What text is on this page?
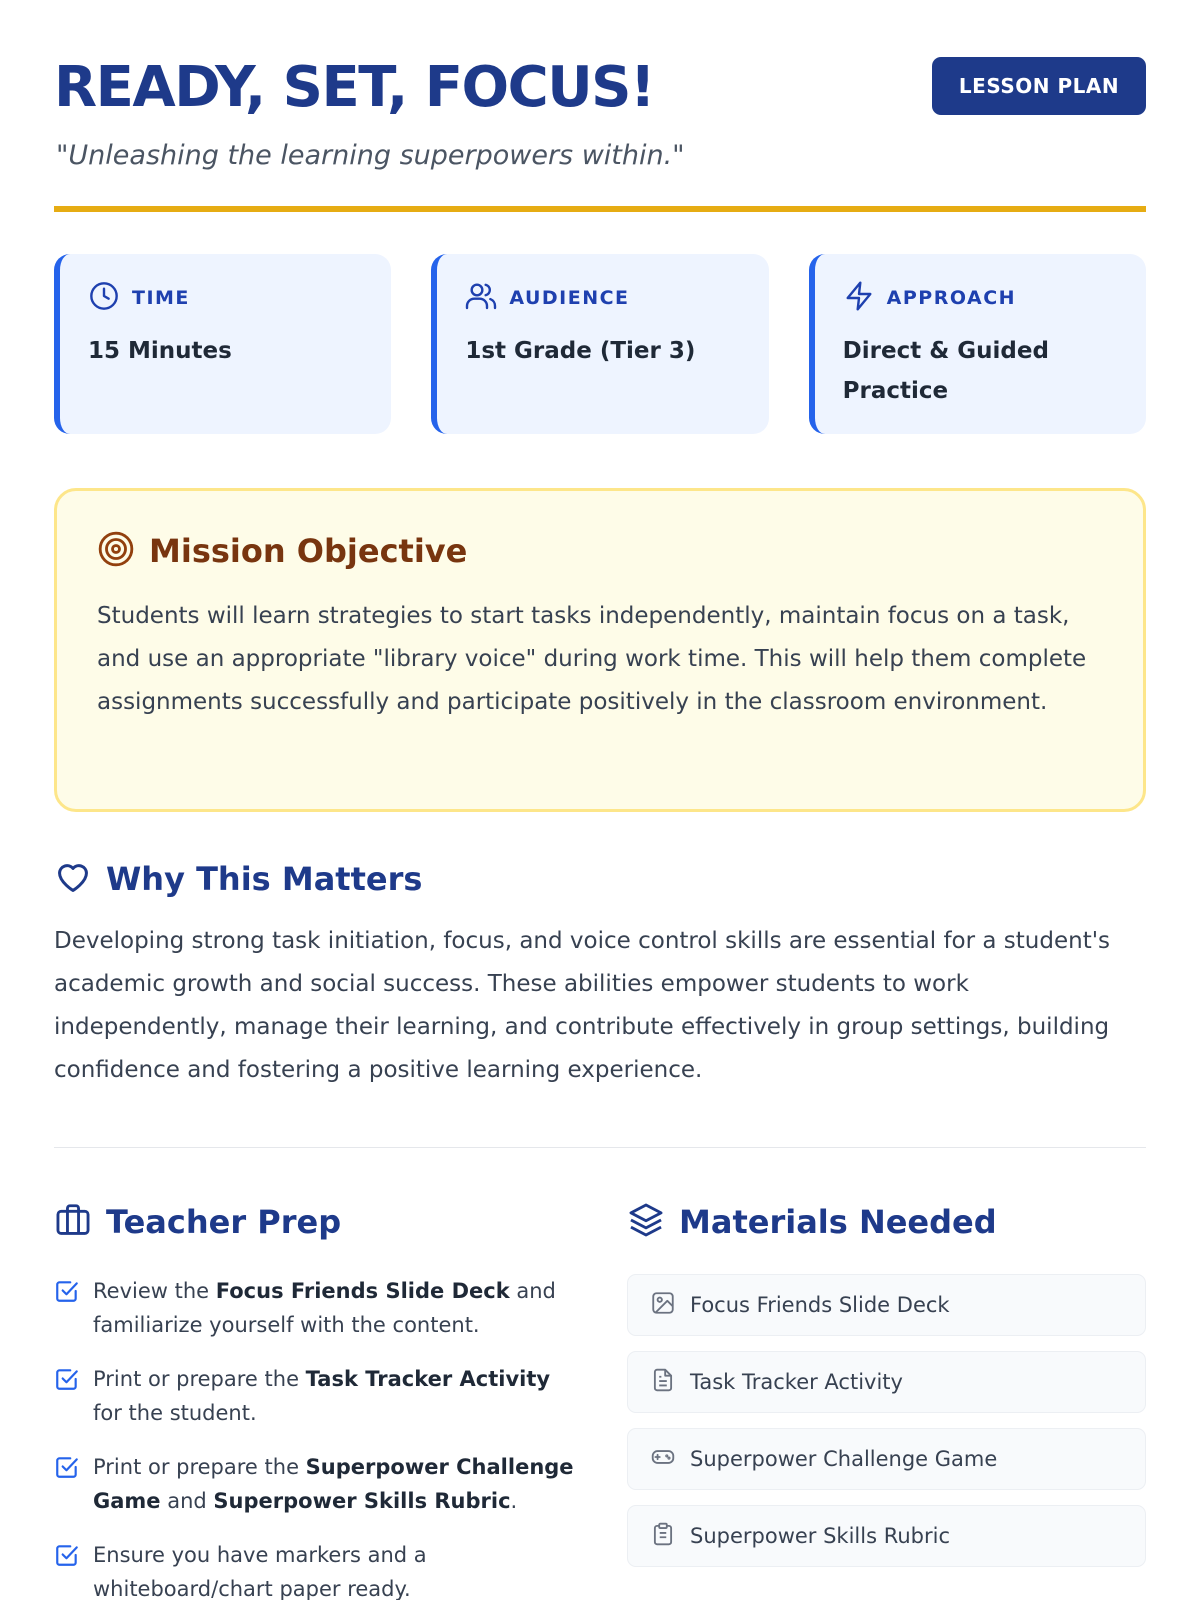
READY, SET, FOCUS!

"Unleashing the learning superpowers within."

LESSON PLAN
TIME
15 Minutes
AUDIENCE
1st Grade (Tier 3)
APPROACH
Direct & Guided Practice
Mission Objective

Students will learn strategies to start tasks independently, maintain focus on a task, and use an appropriate "library voice" during work time. This will help them complete assignments successfully and participate positively in the classroom environment.

Why This Matters

Developing strong task initiation, focus, and voice control skills are essential for a student's academic growth and social success. These abilities empower students to work independently, manage their learning, and contribute effectively in group settings, building confidence and fostering a positive learning experience.

Teacher Prep
Review the Focus Friends Slide Deck and familiarize yourself with the content.
Print or prepare the Task Tracker Activity for the student.
Print or prepare the Superpower Challenge Game and Superpower Skills Rubric.
Ensure you have markers and a whiteboard/chart paper ready.
Materials Needed
Focus Friends Slide Deck
Task Tracker Activity
Superpower Challenge Game
Superpower Skills Rubric
